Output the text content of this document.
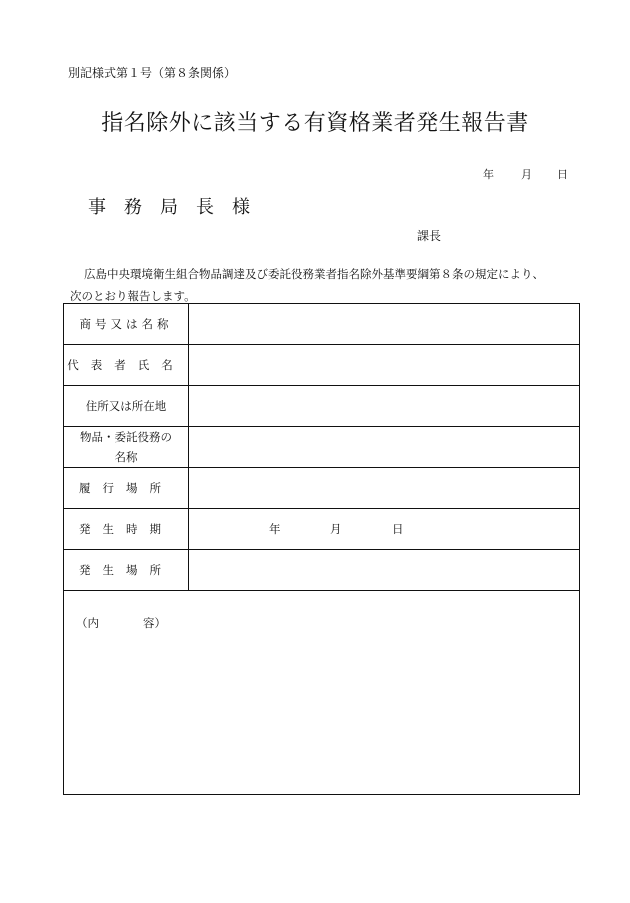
別記様式第１号（第８条関係）
指名除外に該当する有資格業者発生報告書
年 月 日
事務局長様
課長
広島中央環境衛生組合物品調達及び委託役務業者指名除外基準要綱第８条の規定により、
次のとおり報告します。
商号又は名称
代表者氏名
住所又は所在地
物品・委託役務の
名称
履行場所
発生時期	年	月	日
発生場所
（内	容）
